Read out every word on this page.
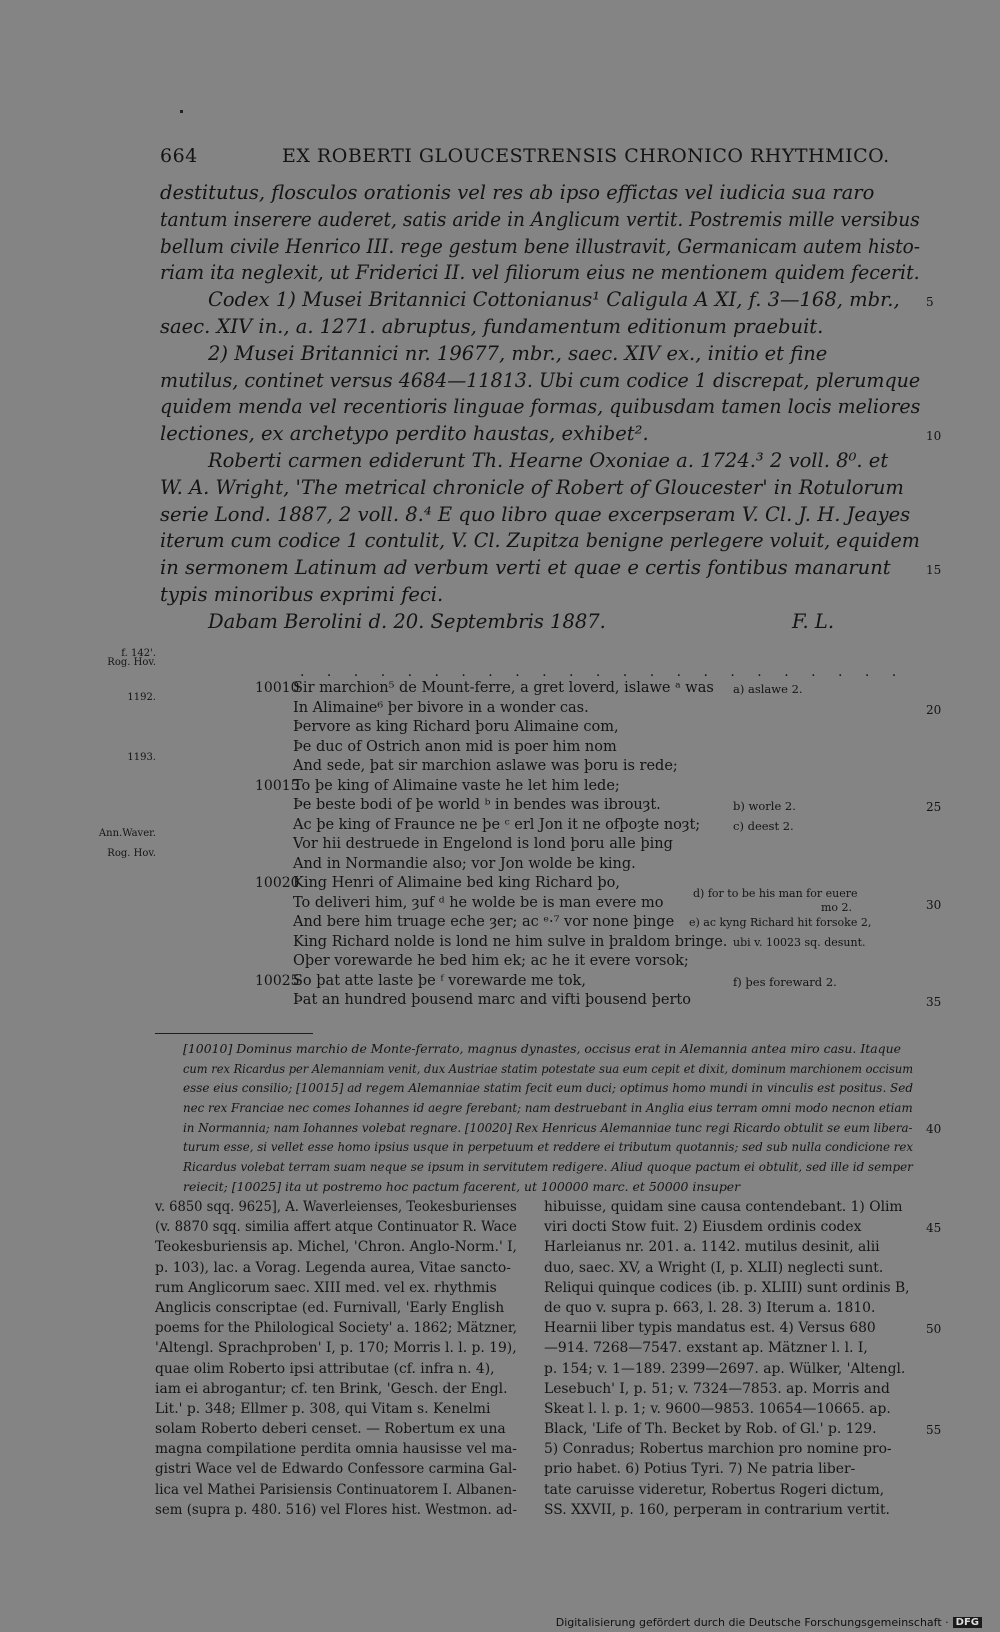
664	EX ROBERTI GLOUCESTRENSIS CHRONICO RHYTHMICO.
destitutus, flosculos orationis vel res ab ipso effictas vel iudicia sua raro
tantum inserere auderet, satis aride in Anglicum vertit. Postremis mille versibus
bellum civile Henrico III. rege gestum bene illustravit, Germanicam autem histo-
riam ita neglexit, ut Friderici II. vel filiorum eius ne mentionem quidem fecerit.
Codex 1) Musei Britannici Cottonianus¹ Caligula A XI, f. 3—168, mbr.,
saec. XIV in., a. 1271. abruptus, fundamentum editionum praebuit.
2) Musei Britannici nr. 19677, mbr., saec. XIV ex., initio et fine
mutilus, continet versus 4684—11813. Ubi cum codice 1 discrepat, plerumque
quidem menda vel recentioris linguae formas, quibusdam tamen locis meliores
lectiones, ex archetypo perdito haustas, exhibet².
Roberti carmen ediderunt Th. Hearne Oxoniae a. 1724.³ 2 voll. 8⁰. et
W. A. Wright, 'The metrical chronicle of Robert of Gloucester' in Rotulorum
serie Lond. 1887, 2 voll. 8.⁴ E quo libro quae excerpseram V. Cl. J. H. Jeayes
iterum cum codice 1 contulit, V. Cl. Zupitza benigne perlegere voluit, equidem
in sermonem Latinum ad verbum verti et quae e certis fontibus manarunt
typis minoribus exprimi feci.
Dabam Berolini d. 20. Septembris 1887.	F. L.
. . . . . . . . . . . . . . . . . . . . . . .
f. 142'.
Rog. Hov.
1192.
1193.
Ann.Waver.
Rog. Hov.
10010
Sir marchion⁵ de Mount-ferre, a gret loverd, islawe ᵃ was a) aslawe 2.
In Alimaine⁶ þer bivore in a wonder cas.
Þervore as king Richard þoru Alimaine com,
Þe duc of Ostrich anon mid is poer him nom
And sede, þat sir marchion aslawe was þoru is rede;
10015
To þe king of Alimaine vaste he let him lede;
Þe beste bodi of þe world ᵇ in bendes was ibrouȝt.	b) worle 2.
Ac þe king of Fraunce ne þe ᶜ erl Jon it ne ofþoȝte noȝt;	c) deest 2.
Vor hii destruede in Engelond is lond þoru alle þing
And in Normandie also; vor Jon wolde be king.
10020
King Henri of Alimaine bed king Richard þo,
To deliveri him, ȝuf ᵈ he wolde be is man evere mo
d) for to be his man for euere
mo 2.
And bere him truage eche ȝer; ac ᵉ·⁷ vor none þinge e) ac kyng Richard hit forsoke 2,
King Richard nolde is lond ne him sulve in þraldom bringe. ubi v. 10023 sq. desunt.
Oþer vorewarde he bed him ek; ac he it evere vorsok;
10025
So þat atte laste þe ᶠ vorewarde me tok,	f) þes foreward 2.
Þat an hundred þousend marc and vifti þousend þerto
[10010] Dominus marchio de Monte-ferrato, magnus dynastes, occisus erat in Alemannia antea miro casu. Itaque
cum rex Ricardus per Alemanniam venit, dux Austriae statim potestate sua eum cepit et dixit, dominum marchionem occisum
esse eius consilio; [10015] ad regem Alemanniae statim fecit eum duci; optimus homo mundi in vinculis est positus. Sed
nec rex Franciae nec comes Iohannes id aegre ferebant; nam destruebant in Anglia eius terram omni modo necnon etiam
in Normannia; nam Iohannes volebat regnare. [10020] Rex Henricus Alemanniae tunc regi Ricardo obtulit se eum libera-
turum esse, si vellet esse homo ipsius usque in perpetuum et reddere ei tributum quotannis; sed sub nulla condicione rex
Ricardus volebat terram suam neque se ipsum in servitutem redigere. Aliud quoque pactum ei obtulit, sed ille id semper
reiecit; [10025] ita ut postremo hoc pactum facerent, ut 100000 marc. et 50000 insuper
v. 6850 sqq. 9625], A. Waverleienses, Teokesburienses
(v. 8870 sqq. similia affert atque Continuator R. Wace
Teokesburiensis ap. Michel, 'Chron. Anglo-Norm.' I,
p. 103), lac. a Vorag. Legenda aurea, Vitae sancto-
rum Anglicorum saec. XIII med. vel ex. rhythmis
Anglicis conscriptae (ed. Furnivall, 'Early English
poems for the Philological Society' a. 1862; Mätzner,
'Altengl. Sprachproben' I, p. 170; Morris l. l. p. 19),
quae olim Roberto ipsi attributae (cf. infra n. 4),
iam ei abrogantur; cf. ten Brink, 'Gesch. der Engl.
Lit.' p. 348; Ellmer p. 308, qui Vitam s. Kenelmi
solam Roberto deberi censet. — Robertum ex una
magna compilatione perdita omnia hausisse vel ma-
gistri Wace vel de Edwardo Confessore carmina Gal-
lica vel Mathei Parisiensis Continuatorem I. Albanen-
sem (supra p. 480. 516) vel Flores hist. Westmon. ad-
hibuisse, quidam sine causa contendebant. 1) Olim
viri docti Stow fuit. 2) Eiusdem ordinis codex
Harleianus nr. 201. a. 1142. mutilus desinit, alii
duo, saec. XV, a Wright (I, p. XLII) neglecti sunt.
Reliqui quinque codices (ib. p. XLIII) sunt ordinis B,
de quo v. supra p. 663, l. 28. 3) Iterum a. 1810.
Hearnii liber typis mandatus est. 4) Versus 680
—914. 7268—7547. exstant ap. Mätzner l. l. I,
p. 154; v. 1—189. 2399—2697. ap. Wülker, 'Altengl.
Lesebuch' I, p. 51; v. 7324—7853. ap. Morris and
Skeat l. l. p. 1; v. 9600—9853. 10654—10665. ap.
Black, 'Life of Th. Becket by Rob. of Gl.' p. 129.
5) Conradus; Robertus marchion pro nomine pro-
prio habet. 6) Potius Tyri. 7) Ne patria liber-
tate caruisse videretur, Robertus Rogeri dictum,
SS. XXVII, p. 160, perperam in contrarium vertit.
Digitalisierung gefördert durch die Deutsche Forschungsgemeinschaft · DFG
5
10
15
20
25
30
35
40
45
50
55
